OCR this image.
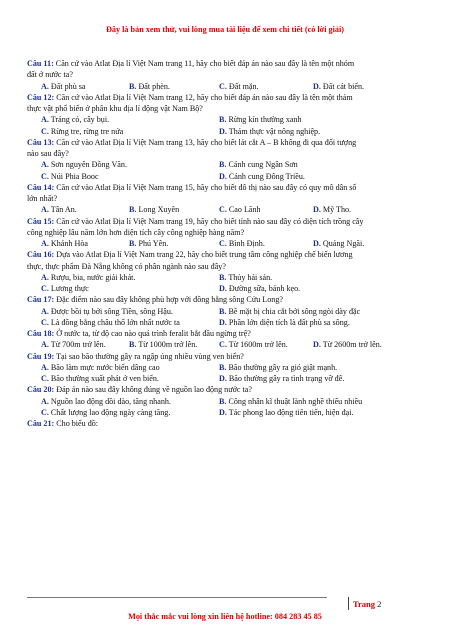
Đây là bản xem thử, vui lòng mua tài liệu để xem chi tiết (có lời giải)
Câu 11: Căn cứ vào Atlat Địa lí Việt Nam trang 11, hãy cho biết đáp án nào sau đây là tên một nhóm
đất ở nước ta?
A. Đất phù sa	B. Đất phèn.	C. Đất mặn.	D. Đất cát biển.
Câu 12: Căn cứ vào Atlat Địa lí Việt Nam trang 12, hãy cho biết đáp án nào sau đây là tên một thảm
thực vật phổ biến ở phân khu địa lí động vật Nam Bộ?
A. Trảng cỏ, cây bụi.	B. Rừng kín thường xanh
C. Rừng tre, rừng tre nứa	D. Thảm thực vật nông nghiệp.
Câu 13: Căn cứ vào Atlat Địa lí Việt Nam trang 13, hãy cho biết lát cắt A – B không đi qua đối tượng
nào sau đây?
A. Sơn nguyên Đồng Văn.	B. Cánh cung Ngân Sơn
C. Núi Phia Booc	D. Cánh cung Đông Triều.
Câu 14: Căn cứ vào Atlat Địa lí Việt Nam trang 15, hãy cho biết đô thị nào sau đây có quy mô dân số
lớn nhất?
A. Tân An.	B. Long Xuyên	C. Cao Lãnh	D. Mỹ Tho.
Câu 15: Căn cứ vào Atlat Địa lí Việt Nam trang 19, hãy cho biết tỉnh nào sau đây có diện tích trồng cây
công nghiệp lâu năm lớn hơn diện tích cây công nghiệp hàng năm?
A. Khánh Hòa	B. Phú Yên.	C. Bình Định.	D. Quảng Ngãi.
Câu 16: Dựa vào Atlat Địa lí Việt Nam trang 22, hãy cho biết trung tâm công nghiệp chế biến lương
thực, thực phẩm Đà Nẵng không có phân ngành nào sau đây?
A. Rượu, bia, nước giải khát.	B. Thủy hải sản.
C. Lương thực	D. Đường sữa, bánh kẹo.
Câu 17: Đặc điểm nào sau đây không phù hợp với đồng bằng sông Cửu Long?
A. Được bồi tụ bởi sông Tiền, sông Hậu.	B. Bề mặt bị chia cắt bởi sông ngòi dày đặc
C. Là đồng bằng châu thổ lớn nhất nước ta	D. Phần lớn diện tích là đất phù sa sông.
Câu 18: Ở nước ta, từ độ cao nào quá trình feralit bắt đầu ngừng trệ?
A. Từ 700m trở lên.	B. Từ 1000m trở lên.	C. Từ 1600m trở lên.	D. Từ 2600m trở lên.
Câu 19: Tại sao bão thường gây ra ngập úng nhiều vùng ven biển?
A. Bão làm mực nước biển dâng cao	B. Bão thường gây ra gió giật mạnh.
C. Bão thường xuất phát ở ven biển.	D. Bão thường gây ra tình trạng vỡ đê.
Câu 20: Đáp án nào sau đây không đúng về nguồn lao động nước ta?
A. Nguồn lao động dồi dào, tăng nhanh.	B. Công nhân kĩ thuật lành nghề thiếu nhiều
C. Chất lượng lao động ngày càng tăng.	D. Tác phong lao động tiên tiến, hiện đại.
Câu 21: Cho biểu đồ:
Trang 2
Mọi thắc mắc vui lòng xin liên hệ hotline: 084 283 45 85
